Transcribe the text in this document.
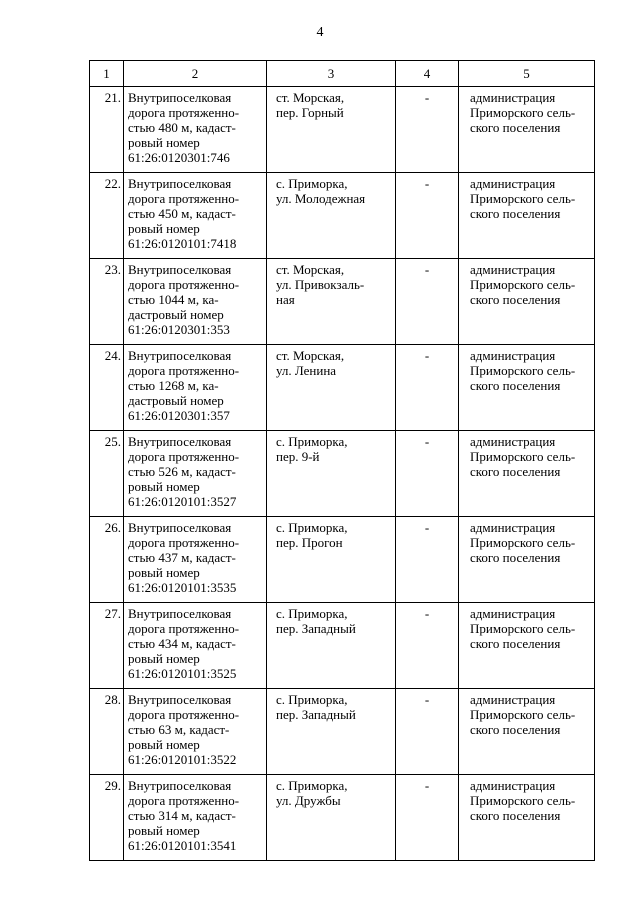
4
1	2	3	4	5
21.	Внутрипоселковая
дорога протяженно-
стью 480 м, кадаст-
ровый номер
61:26:0120301:746	ст. Морская,
пер. Горный	-	администрация
Приморского сель-
ского поселения

22.	Внутрипоселковая
дорога протяженно-
стью 450 м, кадаст-
ровый номер
61:26:0120101:7418	с. Приморка,
ул. Молодежная	-	администрация
Приморского сель-
ского поселения

23.	Внутрипоселковая
дорога протяженно-
стью 1044 м, ка-
дастровый номер
61:26:0120301:353	ст. Морская,
ул. Привокзаль-
ная	-	администрация
Приморского сель-
ского поселения

24.	Внутрипоселковая
дорога протяженно-
стью 1268 м, ка-
дастровый номер
61:26:0120301:357	ст. Морская,
ул. Ленина	-	администрация
Приморского сель-
ского поселения

25.	Внутрипоселковая
дорога протяженно-
стью 526 м, кадаст-
ровый номер
61:26:0120101:3527	с. Приморка,
пер. 9-й	-	администрация
Приморского сель-
ского поселения

26.	Внутрипоселковая
дорога протяженно-
стью 437 м, кадаст-
ровый номер
61:26:0120101:3535	с. Приморка,
пер. Прогон	-	администрация
Приморского сель-
ского поселения

27.	Внутрипоселковая
дорога протяженно-
стью 434 м, кадаст-
ровый номер
61:26:0120101:3525	с. Приморка,
пер. Западный	-	администрация
Приморского сель-
ского поселения

28.	Внутрипоселковая
дорога протяженно-
стью 63 м, кадаст-
ровый номер
61:26:0120101:3522	с. Приморка,
пер. Западный	-	администрация
Приморского сель-
ского поселения

29.	Внутрипоселковая
дорога протяженно-
стью 314 м, кадаст-
ровый номер
61:26:0120101:3541	с. Приморка,
ул. Дружбы	-	администрация
Приморского сель-
ского поселения
